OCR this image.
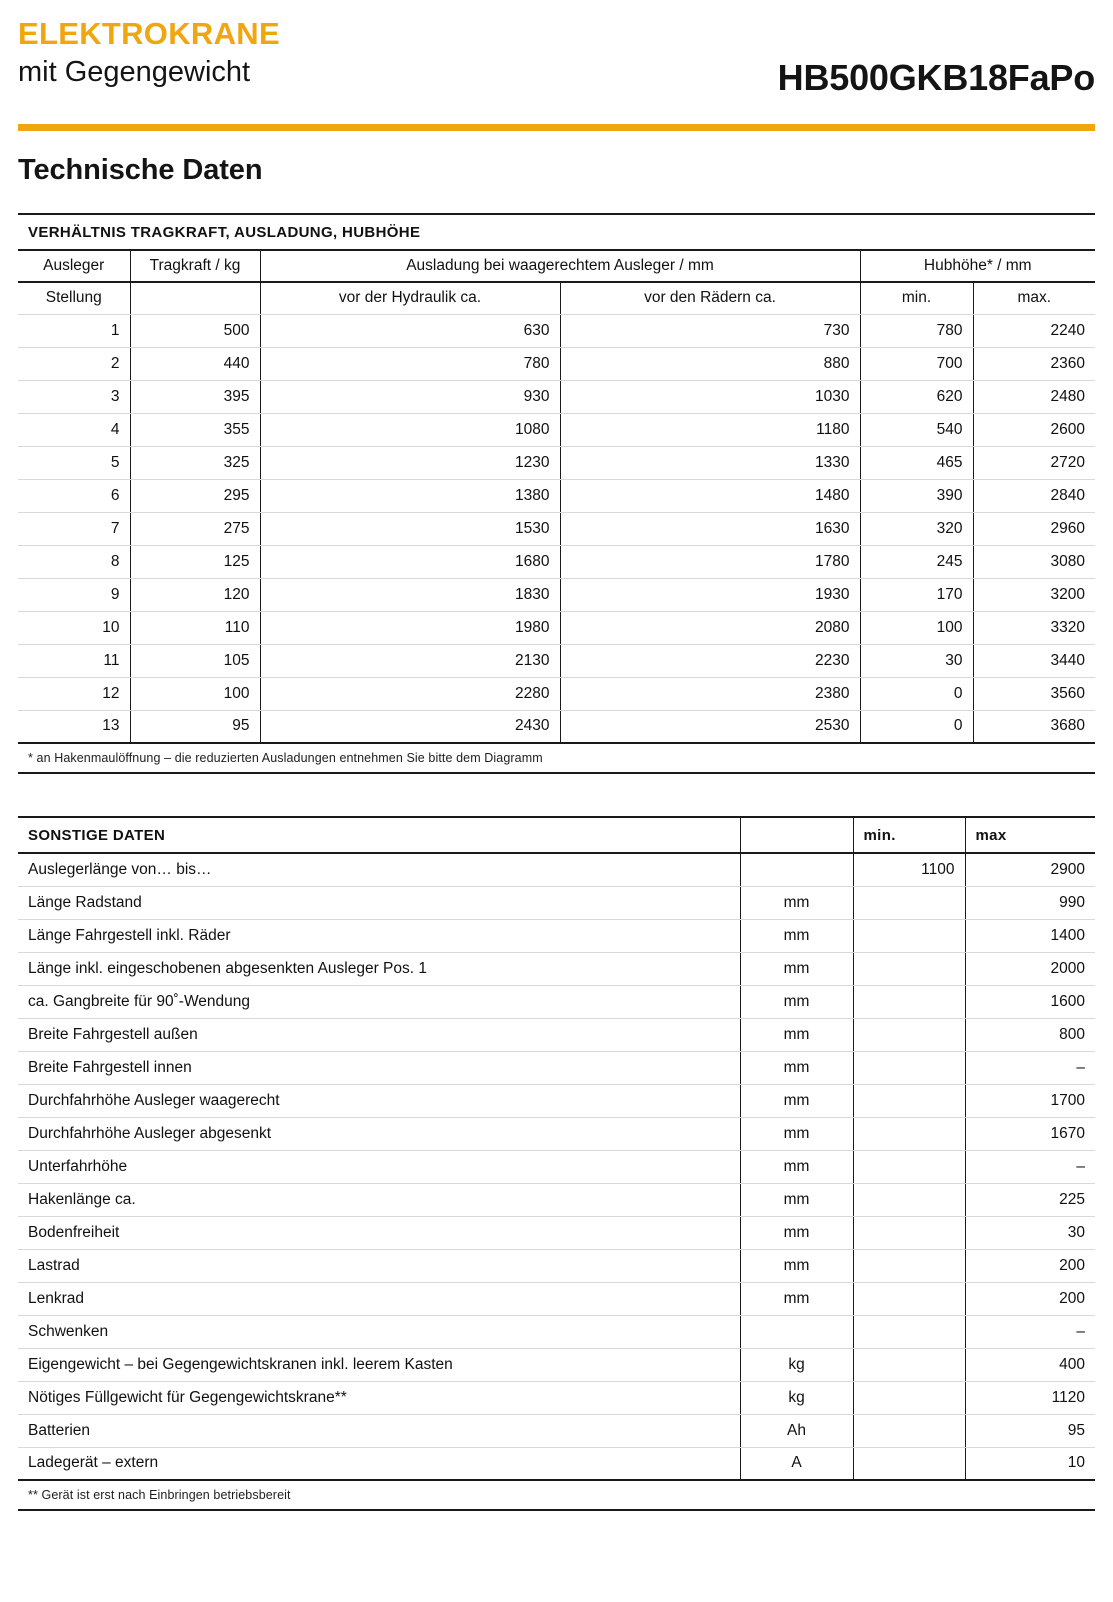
ELEKTROKRANE
mit Gegengewicht	HB500GKB18FaPo
Technische Daten
VERHÄLTNIS TRAGKRAFT, AUSLADUNG, HUBHÖHE					
Ausleger	Tragkraft / kg	Ausladung bei waagerechtem Ausleger / mm		Hubhöhe* / mm	
Stellung		vor der Hydraulik ca.	vor den Rädern ca.	min.	max.
1	500	630	730	780	2240
2	440	780	880	700	2360
3	395	930	1030	620	2480
4	355	1080	1180	540	2600
5	325	1230	1330	465	2720
6	295	1380	1480	390	2840
7	275	1530	1630	320	2960
8	125	1680	1780	245	3080
9	120	1830	1930	170	3200
10	110	1980	2080	100	3320
11	105	2130	2230	30	3440
12	100	2280	2380	0	3560
13	95	2430	2530	0	3680
* an Hakenmaulöffnung – die reduzierten Ausladungen entnehmen Sie bitte dem Diagramm					
SONSTIGE DATEN		min.	max
Auslegerlänge von… bis…		1100	2900
Länge Radstand	mm		990
Länge Fahrgestell inkl. Räder	mm		1400
Länge inkl. eingeschobenen abgesenkten Ausleger Pos. 1	mm		2000
ca. Gangbreite für 90˚-Wendung	mm		1600
Breite Fahrgestell außen	mm		800
Breite Fahrgestell innen	mm		–
Durchfahrhöhe Ausleger waagerecht	mm		1700
Durchfahrhöhe Ausleger abgesenkt	mm		1670
Unterfahrhöhe	mm		–
Hakenlänge ca.	mm		225
Bodenfreiheit	mm		30
Lastrad	mm		200
Lenkrad	mm		200
Schwenken			–
Eigengewicht – bei Gegengewichtskranen inkl. leerem Kasten	kg		400
Nötiges Füllgewicht für Gegengewichtskrane**	kg		1120
Batterien	Ah		95
Ladegerät – extern	A		10
** Gerät ist erst nach Einbringen betriebsbereit			
